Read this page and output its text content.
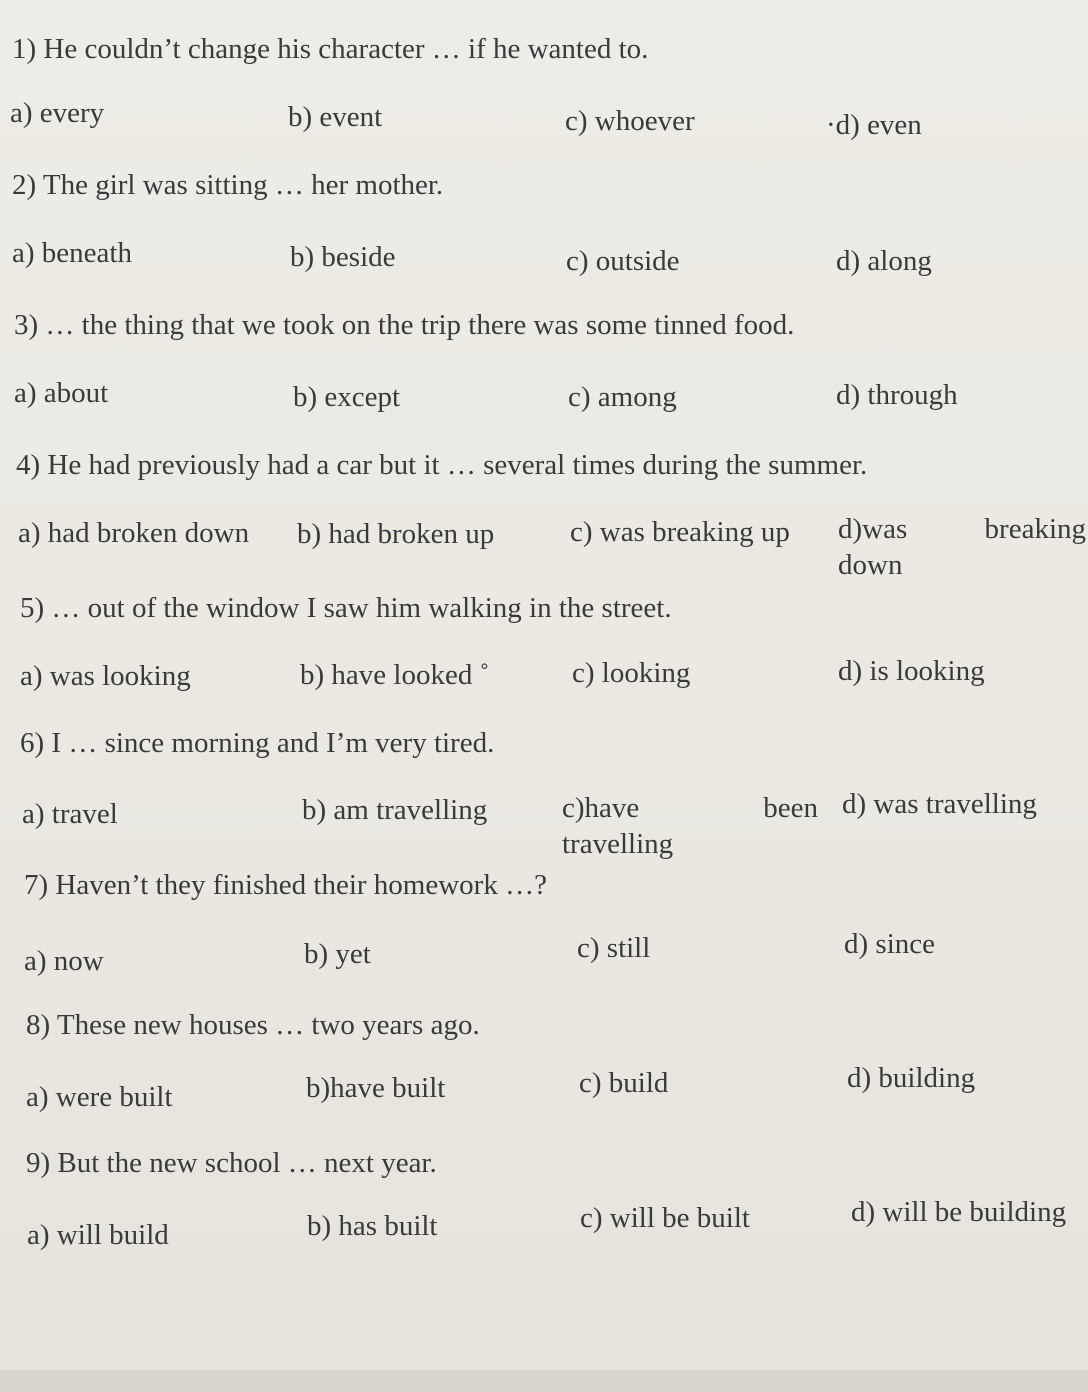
1) He couldn’t change his character … if he wanted to.
a) every	b) event	c) whoever	·d) even
2) The girl was sitting … her mother.
a) beneath	b) beside	c) outside	d) along
3) … the thing that we took on the trip there was some tinned food.
a) about	b) except	c) among	d) through
4) He had previously had a car but it … several times during the summer.
a) had broken down	b) had broken up	c) was breaking up d)was breaking down
5) … out of the window I saw him walking in the street.
a) was looking	b) have looked ˚	c) looking	d) is looking
6) I … since morning and I’m very tired.
a) travel	b) am travelling	c)have been travelling
d) was travelling
7) Haven’t they finished their homework …?
a) now	b) yet	c) still	d) since
8) These new houses … two years ago.
a) were built	b)have built	c) build	d) building
9) But the new school … next year.
a) will build	b) has built	c) will be built	d) will be building
